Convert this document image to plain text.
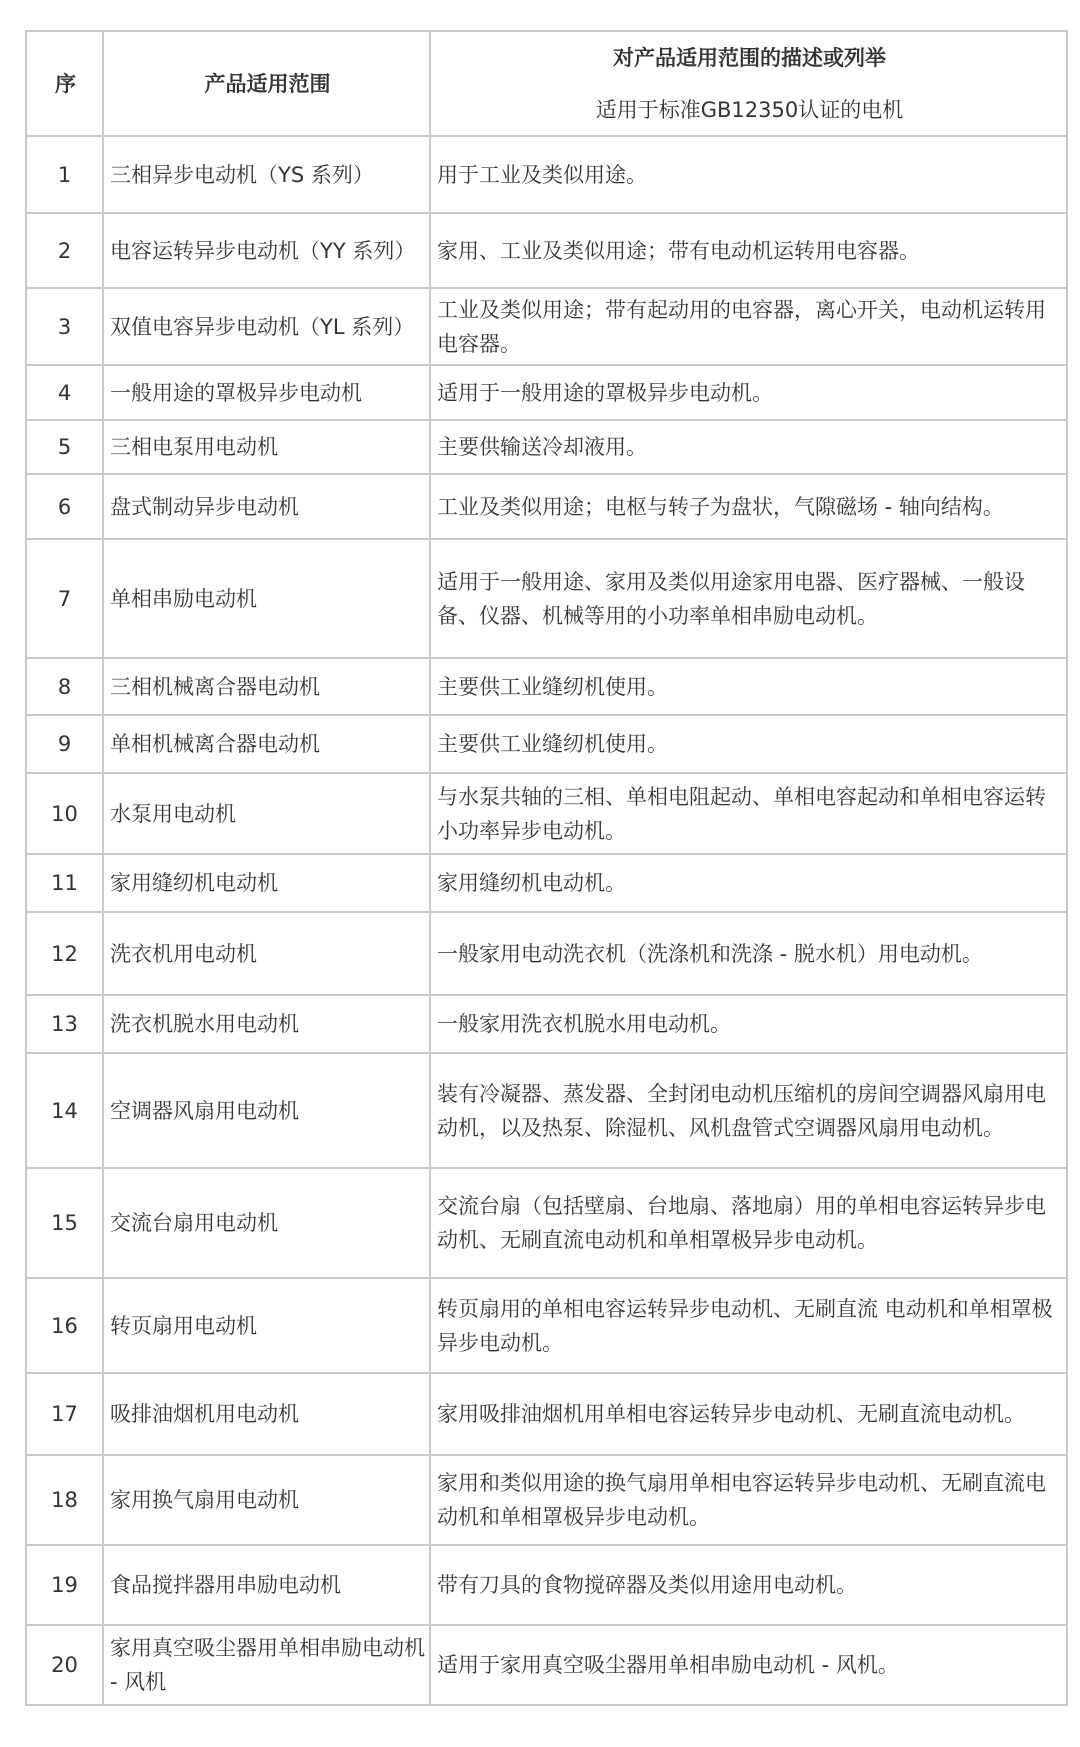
序	产品适用范围	对产品适用范围的描述或列举
适用于标准GB12350认证的电机

1	三相异步电动机（YS 系列）	用于工业及类似用途。
2	电容运转异步电动机（YY 系列）	家用、工业及类似用途；带有电动机运转用电容器。
3	双值电容异步电动机（YL 系列）	工业及类似用途；带有起动用的电容器，离心开关，电动机运转用电容器。
4	一般用途的罩极异步电动机	适用于一般用途的罩极异步电动机。
5	三相电泵用电动机	主要供输送冷却液用。
6	盘式制动异步电动机	工业及类似用途；电枢与转子为盘状，气隙磁场 - 轴向结构。
7	单相串励电动机	适用于一般用途、家用及类似用途家用电器、医疗器械、一般设备、仪器、机械等用的小功率单相串励电动机。
8	三相机械离合器电动机	主要供工业缝纫机使用。
9	单相机械离合器电动机	主要供工业缝纫机使用。
10	水泵用电动机	与水泵共轴的三相、单相电阻起动、单相电容起动和单相电容运转小功率异步电动机。
11	家用缝纫机电动机	家用缝纫机电动机。
12	洗衣机用电动机	一般家用电动洗衣机（洗涤机和洗涤 - 脱水机）用电动机。
13	洗衣机脱水用电动机	一般家用洗衣机脱水用电动机。
14	空调器风扇用电动机	装有冷凝器、蒸发器、全封闭电动机压缩机的房间空调器风扇用电动机，以及热泵、除湿机、风机盘管式空调器风扇用电动机。
15	交流台扇用电动机	交流台扇（包括壁扇、台地扇、落地扇）用的单相电容运转异步电动机、无刷直流电动机和单相罩极异步电动机。
16	转页扇用电动机	转页扇用的单相电容运转异步电动机、无刷直流 电动机和单相罩极异步电动机。
17	吸排油烟机用电动机	家用吸排油烟机用单相电容运转异步电动机、无刷直流电动机。
18	家用换气扇用电动机	家用和类似用途的换气扇用单相电容运转异步电动机、无刷直流电动机和单相罩极异步电动机。
19	食品搅拌器用串励电动机	带有刀具的食物搅碎器及类似用途用电动机。
20	家用真空吸尘器用单相串励电动机 - 风机	适用于家用真空吸尘器用单相串励电动机 - 风机。
